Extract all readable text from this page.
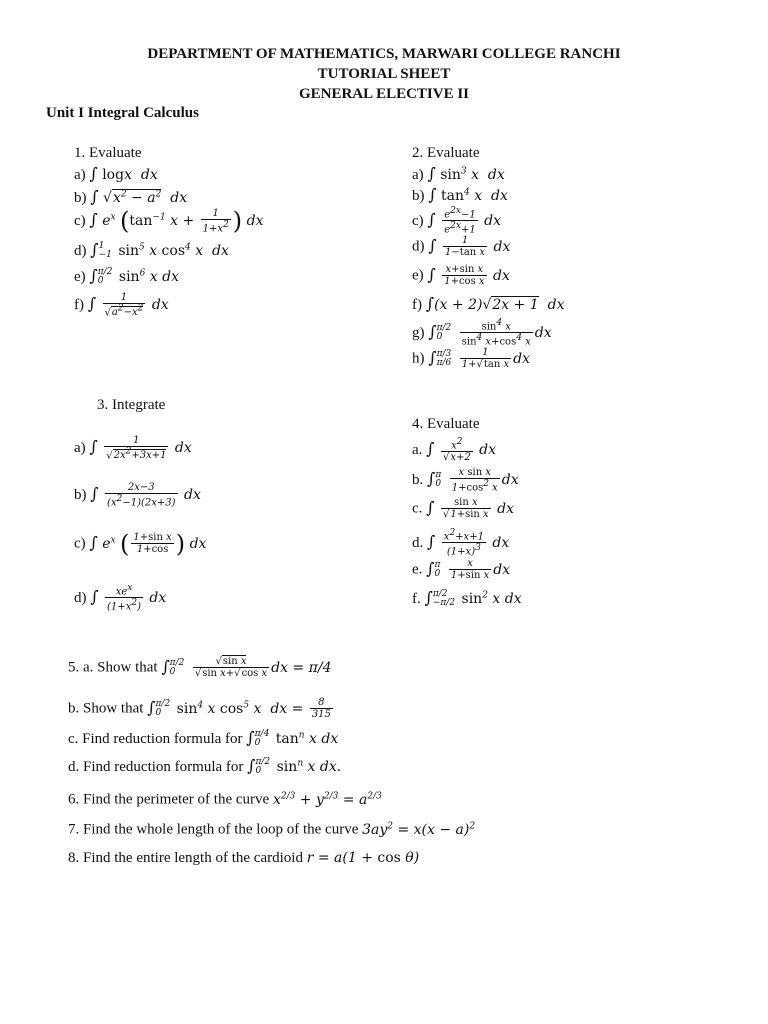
DEPARTMENT OF MATHEMATICS, MARWARI COLLEGE RANCHI
TUTORIAL SHEET
GENERAL ELECTIVE II
Unit I Integral Calculus
1. Evaluate
a) ∫ logx  dx
b) ∫ $√x^2 - a^2$  dx
c) ∫ $e^x$ ($\tan^{-1}$ $x + \frac{1}{1+x^2}$ ) dx
d) ∫ 1
−1 $\sin^5 x$ $\cos^4 x$  dx
e) ∫ π/2
0	$\sin^6 x$ dx
f) ∫ $\frac{1}{√a^2-x^2}$ dx
2. Evaluate
a) ∫ $\sin^3 x$  dx
b) ∫ $\tan^4 x$  dx
c) ∫ $\frac{e^{2x}-1}{e^{2x}+1}$ dx
d) ∫ $\frac{1}{\text{1−tan x}}$ dx
e) ∫ $\frac{\text{x+sin x}}{\text{1+cos x}}$ dx
f) ∫(x + 2)√2x + 1  dx
g) ∫ π/2
0
	$\frac{\sin^4 x}{\sin^4 x+\cos^4 x}$ dx
h) ∫ π/3
π/6
$\frac{1}{\text{1+√tan x}}$ dx
3. Integrate
a) ∫ $\frac{1}{√2x^2+3x+1}$ dx
b) ∫ $\frac{2x-3}{(x^2-1)(2x+3)}$ dx
c) ∫ $e^x$ ( $\frac{\text{1+sin x}}{1+\cos}$ ) dx
d) ∫ $\frac{xe^x}{(1+x^2)}$ dx
4. Evaluate
a. ∫ $\frac{x^2}{√x+2}$ dx
b. ∫ π
0
$\frac{\text{x sin x}}{1+\cos^2 x}$ dx
c. ∫ $\frac{\text{sin x}}{\text{√1+sin x}}$ dx
d. ∫ $\frac{x^2+x+1}{(1+x)^3}$ dx
e. ∫ π
0
$\frac{x}{\text{1+sin x}}$ dx
f. ∫ π/2
−π/2 $\sin^2 x$ dx
5. a. Show that ∫ π/2
0
	$\frac{\text{√sin x}}{\text{√sin x+√cos x}}$ dx = π/4
b. Show that ∫ π/2
0	$\sin^4 x$ $\cos^5 x$  dx = $\frac{8}{315}$
c. Find reduction formula for ∫ π/4
0	$\tan^n x$ dx
d. Find reduction formula for ∫ π/2
0	$\sin^n x$ dx.
6. Find the perimeter of the curve $x^{2/3} + y^{2/3} = a^{2/3}$
7. Find the whole length of the loop of the curve $3ay^2 = x(x - a)^2$
8. Find the entire length of the cardioid r = a(1 + cos θ)
